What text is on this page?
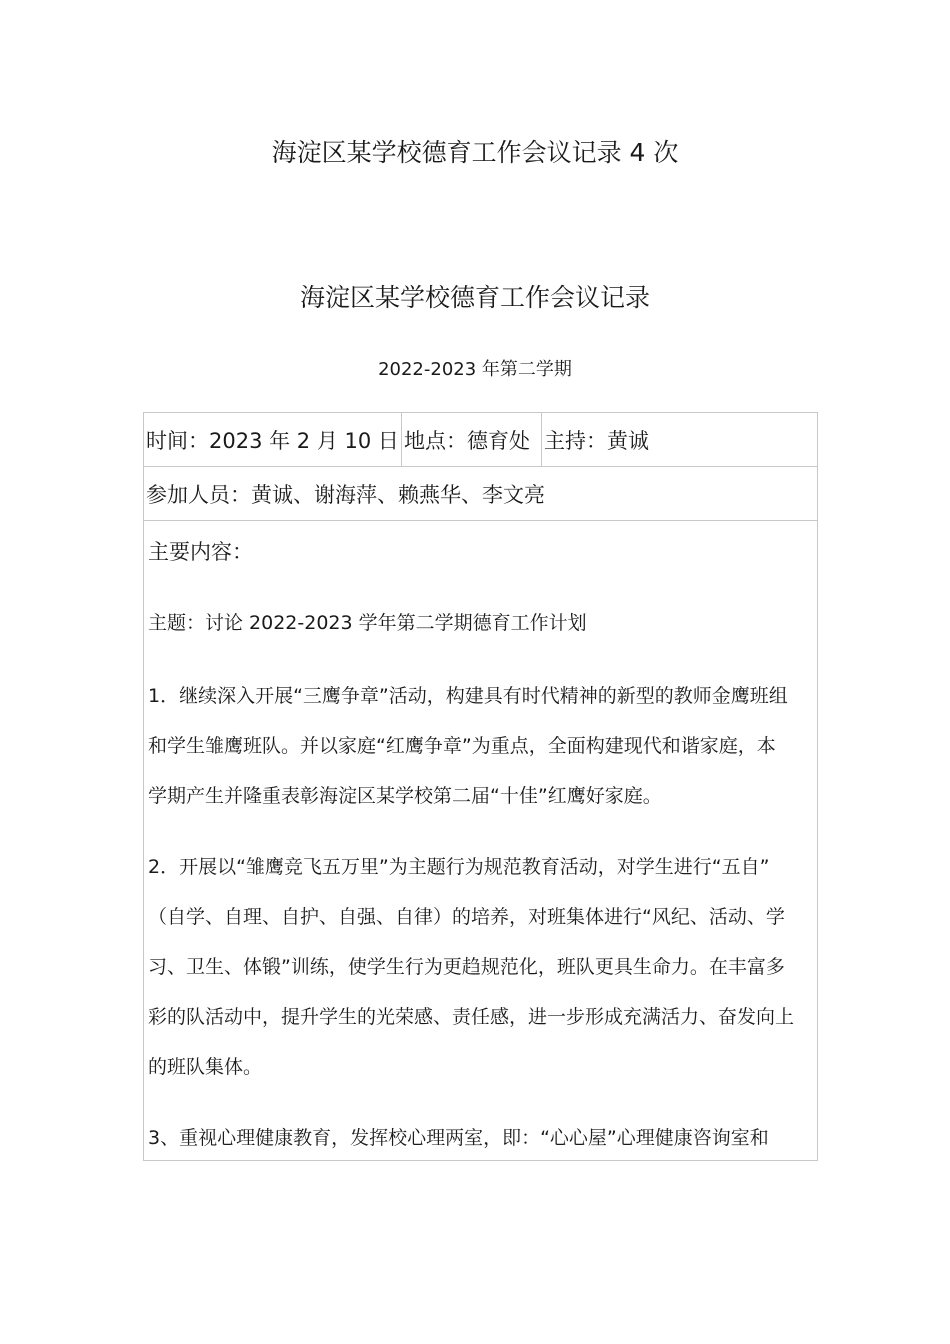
海淀区某学校德育工作会议记录 4 次
海淀区某学校德育工作会议记录
2022-2023 年第二学期
时间：2023 年 2 月 10 日	地点：德育处	主持：黄诚
参加人员：黄诚、谢海萍、赖燕华、李文亮

主要内容：
主题：讨论 2022-2023 学年第二学期德育工作计划
1．继续深入开展“三鹰争章”活动，构建具有时代精神的新型的教师金鹰班组
和学生雏鹰班队。并以家庭“红鹰争章”为重点，全面构建现代和谐家庭，本
学期产生并隆重表彰海淀区某学校第二届“十佳”红鹰好家庭。
2．开展以“雏鹰竞飞五万里”为主题行为规范教育活动，对学生进行“五自”
（自学、自理、自护、自强、自律）的培养，对班集体进行“风纪、活动、学
习、卫生、体锻”训练，使学生行为更趋规范化，班队更具生命力。在丰富多
彩的队活动中，提升学生的光荣感、责任感，进一步形成充满活力、奋发向上
的班队集体。
3、重视心理健康教育，发挥校心理两室，即：“心心屋”心理健康咨询室和
